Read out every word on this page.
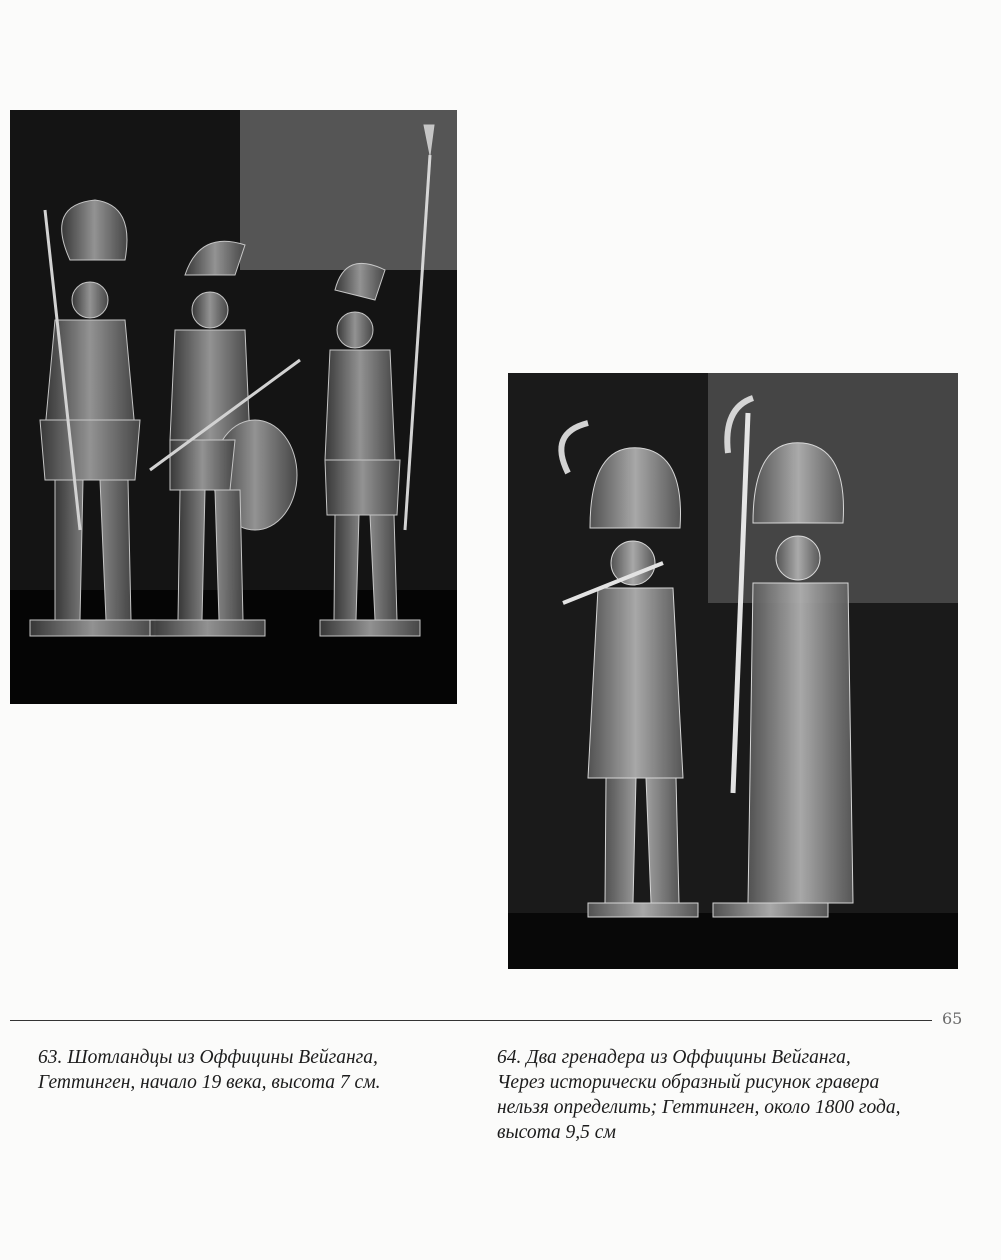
65

63. Шотландцы из Оффицины Вейганга,

Геттинген, начало 19 века, высота 7 см.

64. Два гренадера из Оффицины Вейганга,

Через исторически образный рисунок гравера

нельзя определить; Геттинген, около 1800 года,

высота 9,5 см
